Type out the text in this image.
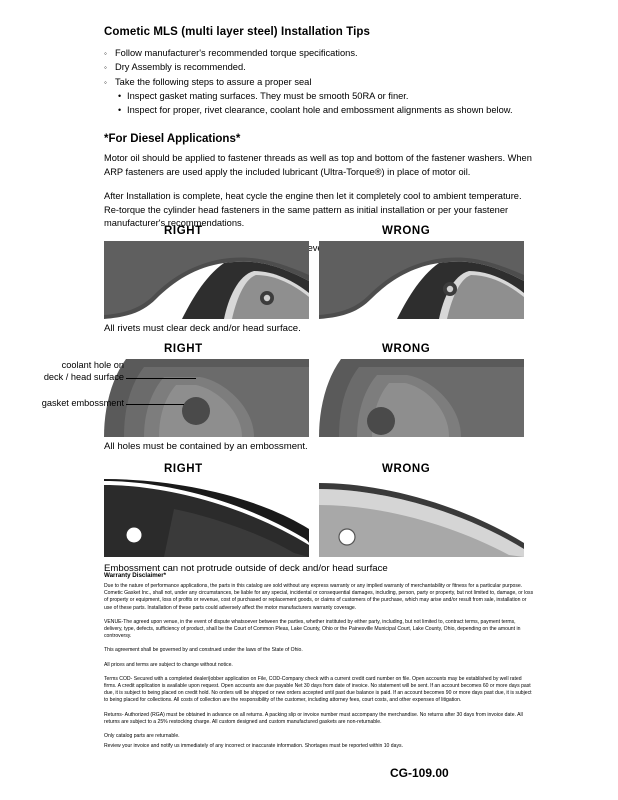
Cometic MLS (multi layer steel) Installation Tips
◦ Follow manufacturer's recommended torque specifications.
◦ Dry Assembly is recommended.
◦ Take the following steps to assure a proper seal
• Inspect gasket mating surfaces. They must be smooth 50RA or finer.
• Inspect for proper, rivet clearance, coolant hole and embossment alignments as shown below.
*For Diesel Applications*

Motor oil should be applied to fastener threads as well as top and bottom of the fastener washers. When ARP fasteners are used apply the included lubricant (Ultra-Torque®) in place of motor oil.

After Installation is complete, heat cycle the engine then let it completely cool to ambient temperature. Re-torque the cylinder head fasteners in the same pattern as initial installation or per your fastener manufacturer's recommendations.

RIGHT	WRONG
All rivets must clear deck and/or head surface.
RIGHT	WRONG
All holes must be contained by an embossment.
coolant hole on
deck / head surface
gasket embossment
RIGHT	WRONG
Embossment can not protrude outside of deck and/or head surface
Warranty Disclaimer*

Due to the nature of performance applications, the parts in this catalog are sold without any express warranty or any implied warranty of merchantability or fitness for a particular purpose. Cometic Gasket Inc., shall not, under any circumstances, be liable for any special, incidental or consequential damages, including, person, party or property, but not limited to, damage, or loss of property or equipment, loss of profits or revenue, cost of purchased or replacement goods, or claims of customers of the purchase, which may arise and/or result from sale, installation or use of these parts. Installation of these parts could adversely affect the motor manufacturers warranty coverage.

VENUE-The agreed upon venue, in the event of dispute whatsoever between the parties, whether instituted by either party, including, but not limited to, contract terms, payment terms, delivery, type, defects, sufficiency of product, shall be the Court of Common Pleas, Lake County, Ohio or the Painesville Municipal Court, Lake County, Ohio, depending on the amount in controversy.

This agreement shall be governed by and construed under the laws of the State of Ohio.

All prices and terms are subject to change without notice.

Terms COD- Secured with a completed dealer/jobber application on File, COD-Company check with a current credit card number on file. Open accounts may be established by well rated firms. A credit application is available upon request. Open accounts are due payable Net 30 days from date of invoice. No statement will be sent. If an account becomes 60 or more days past due, it is subject to being placed on credit hold. No orders will be shipped or new orders accepted until past due balance is paid. If an account becomes 90 or more days past due, it is subject to being placed for collections. All costs of collection are the responsibility of the customer, including attorney fees, court costs, and other expenses of litigation.

Returns- Authorized (RGA) must be obtained in advance on all returns. A packing slip or invoice number must accompany the merchandise. No returns after 30 days from invoice date. All returns are subject to a 25% restocking charge. All custom designed and custom manufactured gaskets are non-returnable.

Only catalog parts are returnable.

Review your invoice and notify us immediately of any incorrect or inaccurate information. Shortages must be reported within 10 days.

CG-109.00
